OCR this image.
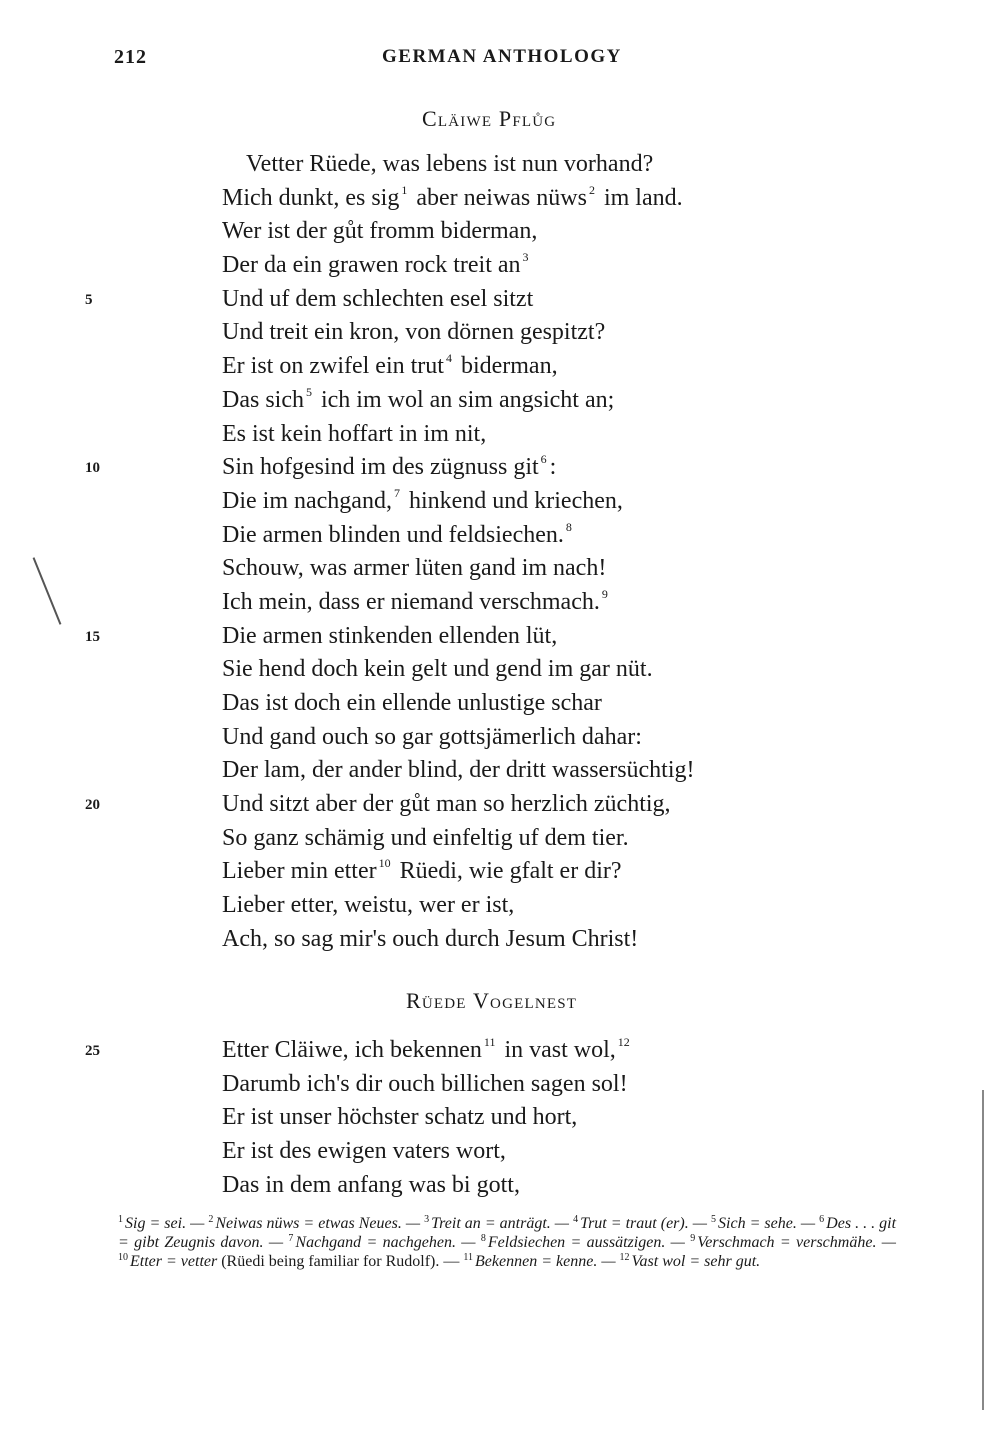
212	GERMAN ANTHOLOGY
Cläiwe Pflůg
Vetter Rüede, was lebens ist nun vorhand?
Mich dunkt, es sig $^1$ aber neiwas nüws $^2$ im land.
Wer ist der gůt fromm biderman,
Der da ein grawen rock treit an $^3$
Und uf dem schlechten esel sitzt
5
Und treit ein kron, von dörnen gespitzt?
Er ist on zwifel ein trut $^4$ biderman,
Das sich $^5$ ich im wol an sim angsicht an;
Es ist kein hoffart in im nit,
Sin hofgesind im des zügnuss git $^6$ :
10
Die im nachgand, $^7$ hinkend und kriechen,
Die armen blinden und feldsiechen. $^8$
Schouw, was armer lüten gand im nach!
Ich mein, dass er niemand verschmach. $^9$
Die armen stinkenden ellenden lüt,
15
Sie hend doch kein gelt und gend im gar nüt.
Das ist doch ein ellende unlustige schar
Und gand ouch so gar gottsjämerlich dahar:
Der lam, der ander blind, der dritt wassersüchtig!
Und sitzt aber der gůt man so herzlich züchtig,
20
So ganz schämig und einfeltig uf dem tier.
Lieber min etter $^{10}$ Rüedi, wie gfalt er dir?
Lieber etter, weistu, wer er ist,
Ach, so sag mir's ouch durch Jesum Christ!
Rüede Vogelnest
Etter Cläiwe, ich bekennen $^{11}$ in vast wol, $^{12}$
25
Darumb ich's dir ouch billichen sagen sol!
Er ist unser höchster schatz und hort,
Er ist des ewigen vaters wort,
Das in dem anfang was bi gott,

$^1$ Sig = sei. — $^2$ Neiwas nüws = etwas Neues. — $^3$ Treit an = anträgt. — $^4$ Trut = traut (er). — $^5$ Sich = sehe. — $^6$ Des . . . git = gibt Zeugnis davon. — $^7$ Nachgand = nachgehen. — $^8$ Feldsiechen = aussätzigen. — $^9$ Verschmach = verschmähe. — $^{10}$ Etter = vetter (Rüedi being familiar for Rudolf). — $^{11}$ Bekennen = kenne. — $^{12}$ Vast wol = sehr gut.
